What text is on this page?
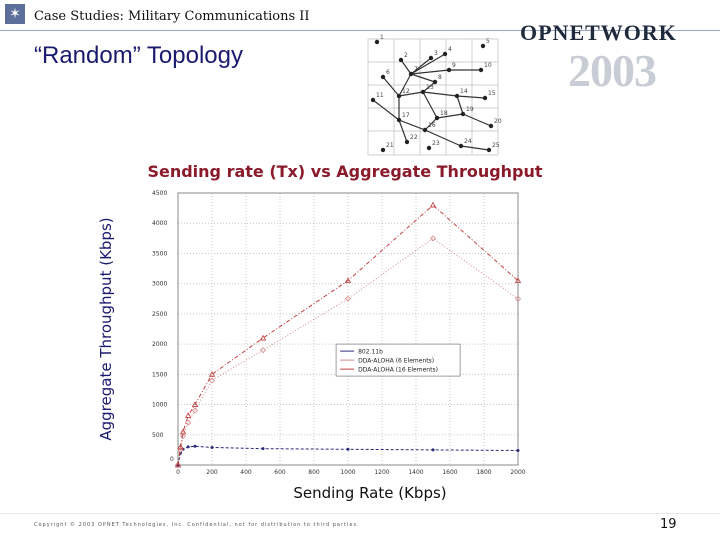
✶	Case Studies: Military Communications II
“Random” Topology	2003
OPNETWORK
1
2	3
4
5
6	7
8
9	10
11
12
13
14	15
16
17	18
19
20
21
22
23	24
25
Sending rate (Tx) vs Aggregate Throughput
Aggregate Throughput (Kbps)
Sending Rate (Kbps)
0	200	400	600	800	1000	1200	1400	1600	1800	2000
500
1000
1500
2000
2500
3000
3500
4000
4500
0
802.11b
DDA-ALOHA (6 Elements)
DDA-ALOHA (16 Elements)
Copyright © 2003 OPNET Technologies, Inc. Confidential, not for distribution to third parties.	19
